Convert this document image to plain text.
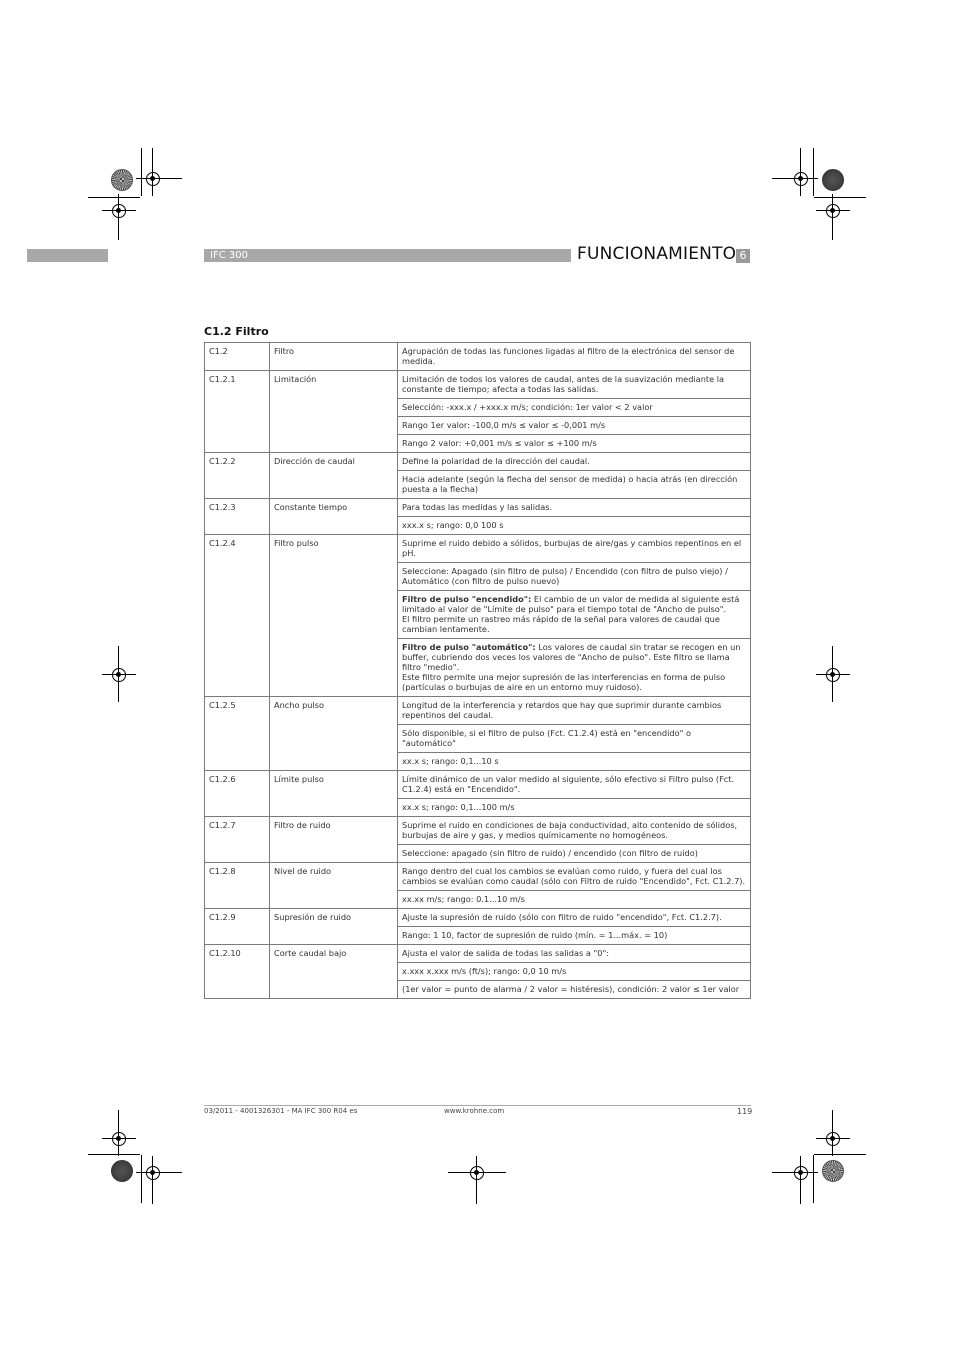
IFC 300	FUNCIONAMIENTO 6
C1.2 Filtro
C1.2	Filtro	Agrupación de todas las funciones ligadas al filtro de la electrónica del sensor de medida.
C1.2.1	Limitación	Limitación de todos los valores de caudal, antes de la suavización mediante la constante de tiempo; afecta a todas las salidas.
		Selección: -xxx.x / +xxx.x m/s; condición: 1er valor < 2 valor
		Rango 1er valor: -100,0 m/s ≤ valor ≤ -0,001 m/s
		Rango 2 valor: +0,001 m/s ≤ valor ≤ +100 m/s
C1.2.2	Dirección de caudal	Define la polaridad de la dirección del caudal.
		Hacia adelante (según la flecha del sensor de medida) o hacia atrás (en dirección puesta a la flecha)
C1.2.3	Constante tiempo	Para todas las medidas y las salidas.
		xxx.x s; rango: 0,0 100 s
C1.2.4	Filtro pulso	Suprime el ruido debido a sólidos, burbujas de aire/gas y cambios repentinos en el pH.
		Seleccione: Apagado (sin filtro de pulso) / Encendido (con filtro de pulso viejo) / Automático (con filtro de pulso nuevo)
		Filtro de pulso "encendido": El cambio de un valor de medida al siguiente está limitado al valor de "Límite de pulso" para el tiempo total de "Ancho de pulso".
El filtro permite un rastreo más rápido de la señal para valores de caudal que cambian lentamente.
		Filtro de pulso "automático": Los valores de caudal sin tratar se recogen en un buffer, cubriendo dos veces los valores de "Ancho de pulso". Este filtro se llama filtro "medio".
Este filtro permite una mejor supresión de las interferencias en forma de pulso (partículas o burbujas de aire en un entorno muy ruidoso).
C1.2.5	Ancho pulso	Longitud de la interferencia y retardos que hay que suprimir durante cambios repentinos del caudal.
		Sólo disponible, si el filtro de pulso (Fct. C1.2.4) está en "encendido" o "automático"
		xx.x s; rango: 0,1...10 s
C1.2.6	Límite pulso	Límite dinámico de un valor medido al siguiente, sólo efectivo si Filtro pulso (Fct. C1.2.4) está en "Encendido".
		xx.x s; rango: 0,1...100 m/s
C1.2.7	Filtro de ruido	Suprime el ruido en condiciones de baja conductividad, alto contenido de sólidos, burbujas de aire y gas, y medios químicamente no homogéneos.
		Seleccione: apagado (sin filtro de ruido) / encendido (con filtro de ruido)
C1.2.8	Nivel de ruido	Rango dentro del cual los cambios se evalúan como ruido, y fuera del cual los cambios se evalúan como caudal (sólo con Filtro de ruido "Encendido", Fct. C1.2.7).
		xx.xx m/s; rango: 0.1...10 m/s
C1.2.9	Supresión de ruido	Ajuste la supresión de ruido (sólo con filtro de ruido "encendido", Fct. C1.2.7).
		Rango: 1 10, factor de supresión de ruido (mín. = 1...máx. = 10)
C1.2.10	Corte caudal bajo	Ajusta el valor de salida de todas las salidas a "0":
		x.xxx x.xxx m/s (ft/s); rango: 0,0 10 m/s
		(1er valor = punto de alarma / 2 valor = histéresis), condición: 2 valor ≤ 1er valor
03/2011 - 4001326301 - MA IFC 300 R04 es	www.krohne.com	119
